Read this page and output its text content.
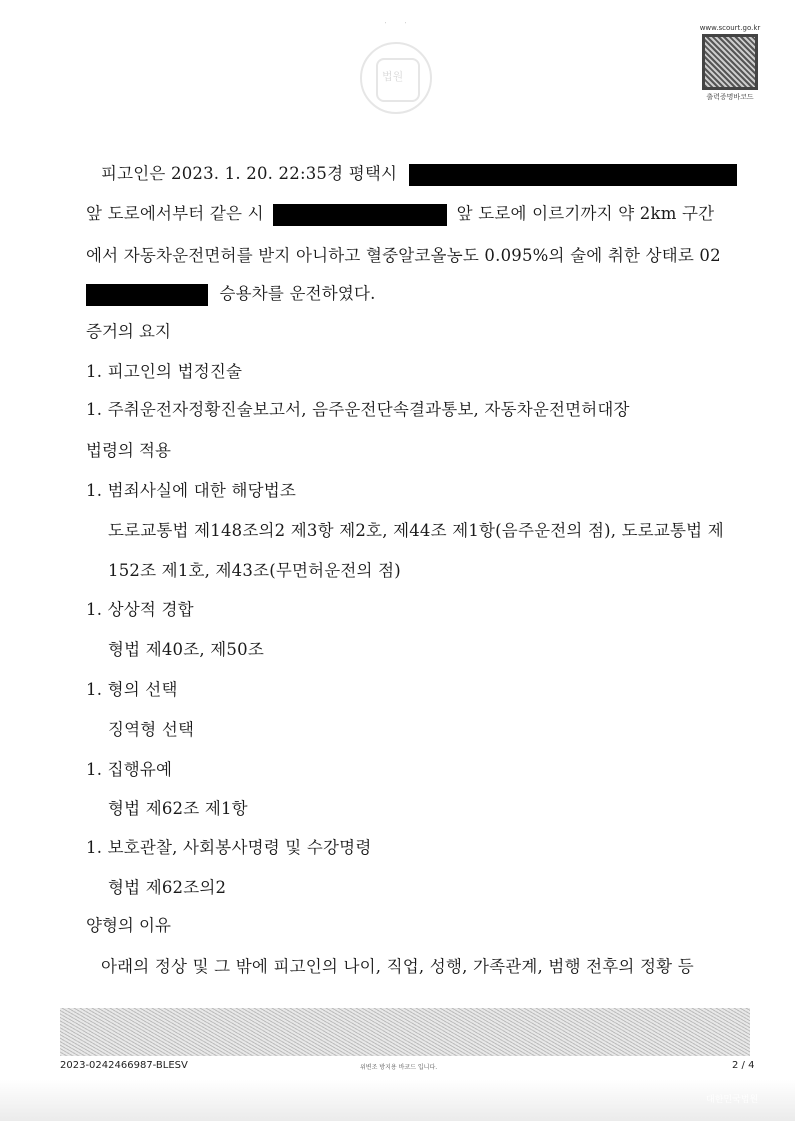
˙         ˙
법원
www.scourt.go.kr
출력증명바코드
피고인은 2023. 1. 20. 22:35경 평택시
앞 도로에서부터 같은 시	앞 도로에 이르기까지 약 2km 구간
에서 자동차운전면허를 받지 아니하고 혈중알코올농도 0.095%의 술에 취한 상태로 02
승용차를 운전하였다.
증거의 요지
1. 피고인의 법정진술
1. 주취운전자정황진술보고서, 음주운전단속결과통보, 자동차운전면허대장
법령의 적용
1. 범죄사실에 대한 해당법조
도로교통법 제148조의2 제3항 제2호, 제44조 제1항(음주운전의 점), 도로교통법 제
152조 제1호, 제43조(무면허운전의 점)
1. 상상적 경합
형법 제40조, 제50조
1. 형의 선택
징역형 선택
1. 집행유예
형법 제62조 제1항
1. 보호관찰, 사회봉사명령 및 수강명령
형법 제62조의2
양형의 이유
아래의 정상 및 그 밖에 피고인의 나이, 직업, 성행, 가족관계, 범행 전후의 정황 등
2023-0242466987-BLESV	위변조 방지용 바코드 입니다.	2 / 4
대한민국법원
